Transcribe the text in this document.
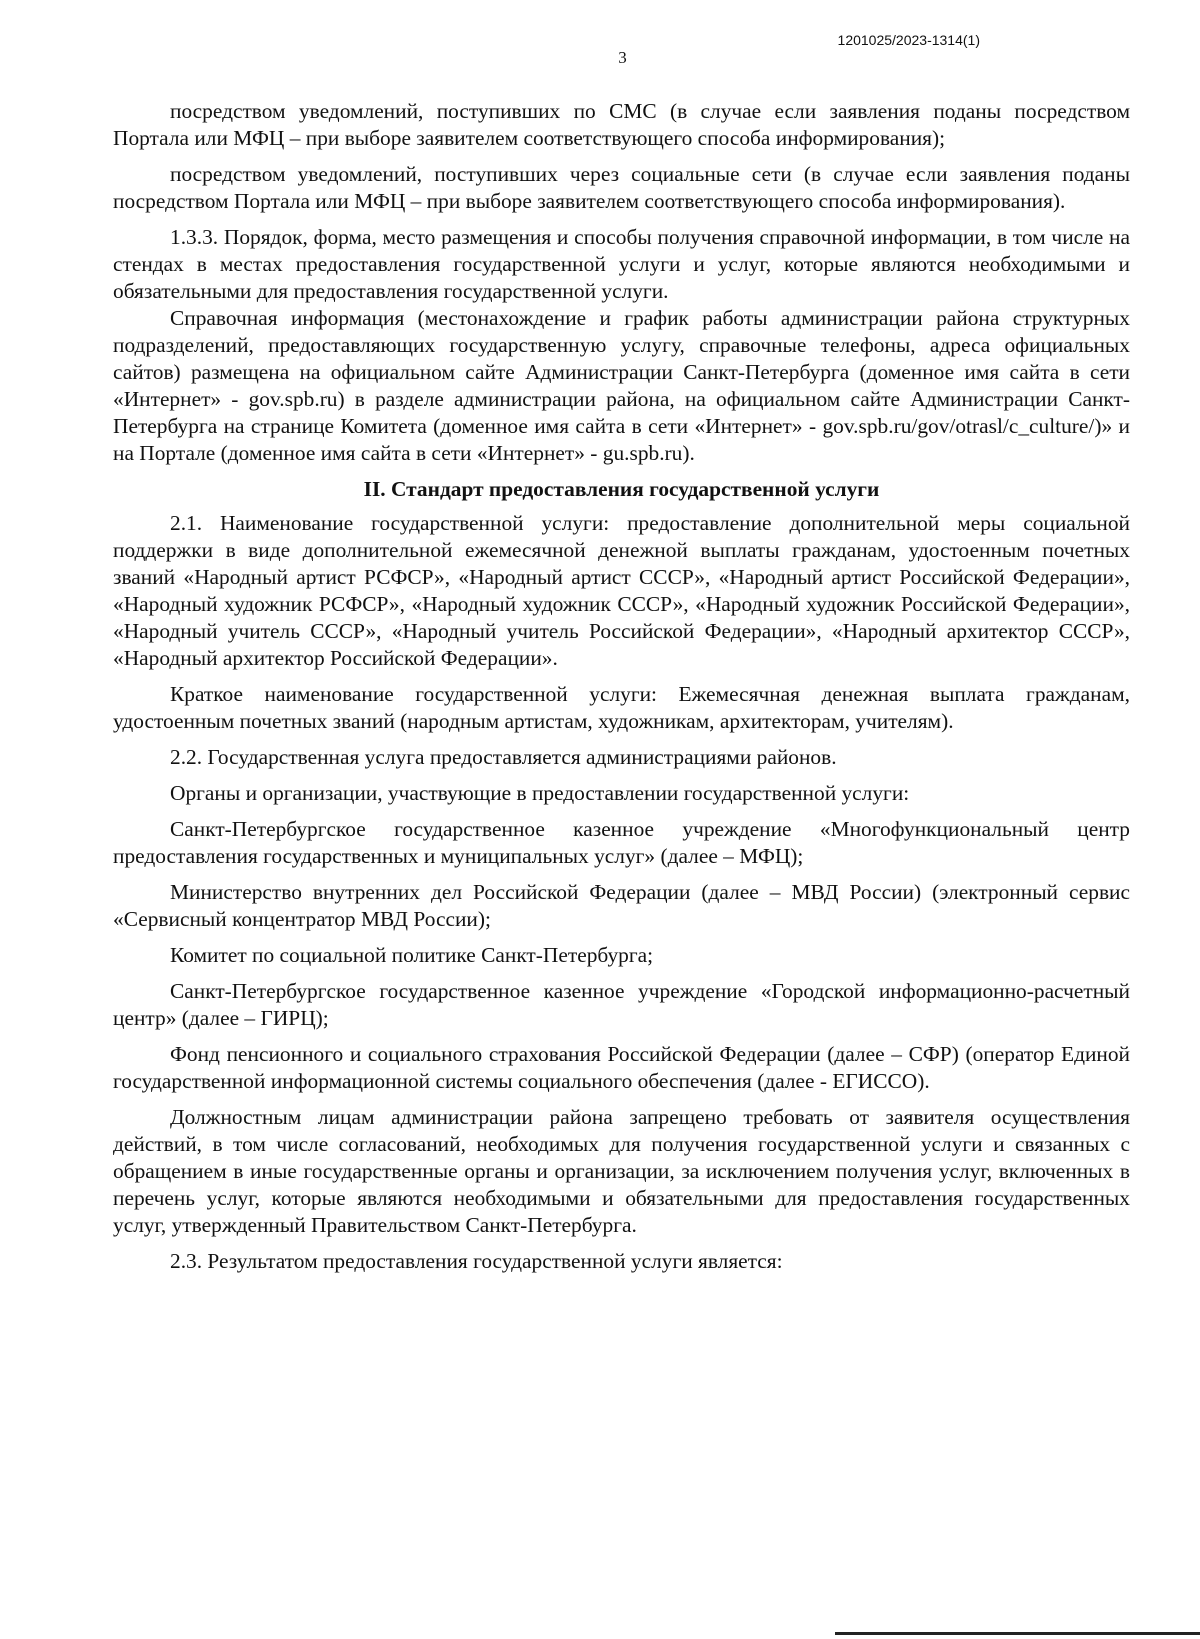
1201025/2023-1314(1)
3

посредством уведомлений, поступивших по СМС (в случае если заявления поданы посредством Портала или МФЦ – при выборе заявителем соответствующего способа информирования);

посредством уведомлений, поступивших через социальные сети (в случае если заявления поданы посредством Портала или МФЦ – при выборе заявителем соответствующего способа информирования).

1.3.3. Порядок, форма, место размещения и способы получения справочной информации, в том числе на стендах в местах предоставления государственной услуги и услуг, которые являются необходимыми и обязательными для предоставления государственной услуги.

Справочная информация (местонахождение и график работы администрации района структурных подразделений, предоставляющих государственную услугу, справочные телефоны, адреса официальных сайтов) размещена на официальном сайте Администрации Санкт-Петербурга (доменное имя сайта в сети «Интернет» - gov.spb.ru) в разделе администрации района, на официальном сайте Администрации Санкт-Петербурга на странице Комитета (доменное имя сайта в сети «Интернет» - gov.spb.ru/gov/otrasl/c_culture/)» и на Портале (доменное имя сайта в сети «Интернет» - gu.spb.ru).

II. Стандарт предоставления государственной услуги

2.1. Наименование государственной услуги: предоставление дополнительной меры социальной поддержки в виде дополнительной ежемесячной денежной выплаты гражданам, удостоенным почетных званий «Народный артист РСФСР», «Народный артист СССР», «Народный артист Российской Федерации», «Народный художник РСФСР», «Народный художник СССР», «Народный художник Российской Федерации», «Народный учитель СССР», «Народный учитель Российской Федерации», «Народный архитектор СССР», «Народный архитектор Российской Федерации».

Краткое наименование государственной услуги: Ежемесячная денежная выплата гражданам, удостоенным почетных званий (народным артистам, художникам, архитекторам, учителям).

2.2. Государственная услуга предоставляется администрациями районов.

Органы и организации, участвующие в предоставлении государственной услуги:

Санкт-Петербургское государственное казенное учреждение «Многофункциональный центр предоставления государственных и муниципальных услуг» (далее – МФЦ);

Министерство внутренних дел Российской Федерации (далее – МВД России) (электронный сервис «Сервисный концентратор МВД России);

Комитет по социальной политике Санкт-Петербурга;

Санкт-Петербургское государственное казенное учреждение «Городской информационно-расчетный центр» (далее – ГИРЦ);

Фонд пенсионного и социального страхования Российской Федерации (далее – СФР) (оператор Единой государственной информационной системы социального обеспечения (далее - ЕГИССО).

Должностным лицам администрации района запрещено требовать от заявителя осуществления действий, в том числе согласований, необходимых для получения государственной услуги и связанных с обращением в иные государственные органы и организации, за исключением получения услуг, включенных в перечень услуг, которые являются необходимыми и обязательными для предоставления государственных услуг, утвержденный Правительством Санкт-Петербурга.

2.3. Результатом предоставления государственной услуги является:
